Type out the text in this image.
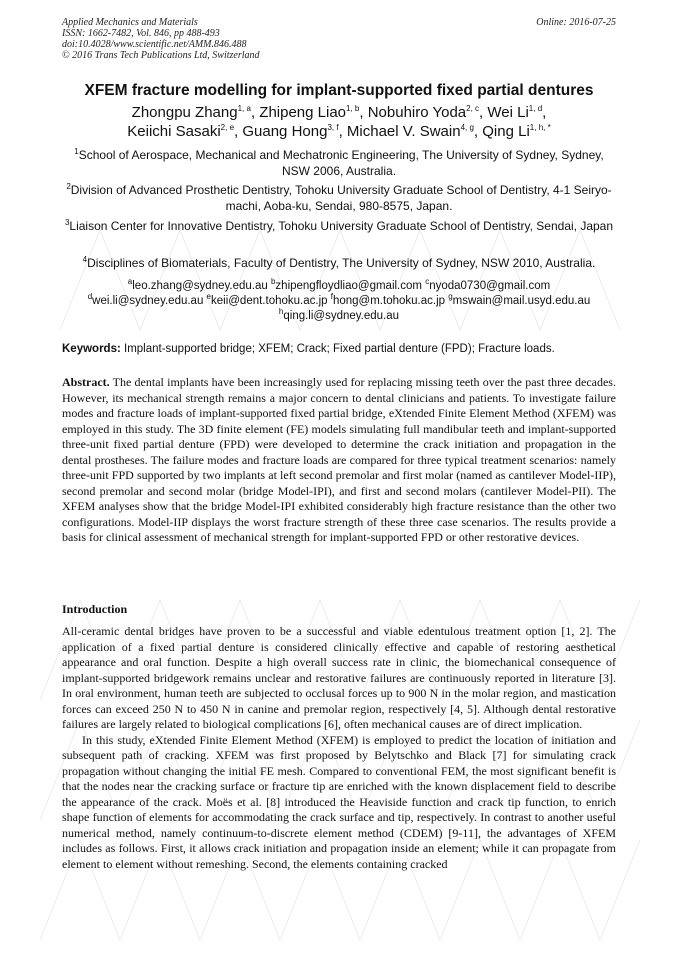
Applied Mechanics and Materials
ISSN: 1662-7482, Vol. 846, pp 488-493
doi:10.4028/www.scientific.net/AMM.846.488
© 2016 Trans Tech Publications Ltd, Switzerland
Online: 2016-07-25
XFEM fracture modelling for implant-supported fixed partial dentures
Zhongpu Zhang$^{1, a}$, Zhipeng Liao$^{1, b}$, Nobuhiro Yoda$^{2, c}$, Wei Li$^{1, d}$,
Keiichi Sasaki$^{2, e}$, Guang Hong$^{3, f}$, Michael V. Swain$^{4, g}$, Qing $Li^{1, h, *}$
$^1$School of Aerospace, Mechanical and Mechatronic Engineering, The University of Sydney, Sydney, NSW 2006, Australia.
$^2$Division of Advanced Prosthetic Dentistry, Tohoku University Graduate School of Dentistry, 4-1 Seiryo-machi, Aoba-ku, Sendai, 980-8575, Japan.
$^3$Liaison Center for Innovative Dentistry, Tohoku University Graduate School of Dentistry, Sendai, Japan
$^4$Disciplines of Biomaterials, Faculty of Dentistry, The University of Sydney, NSW 2010, Australia.
$^a$leo.zhang@sydney.edu.au $^b$zhipengfloydliao@gmail.com $^c$nyoda0730@gmail.com
$^d$wei.li@sydney.edu.au $^e$keii@dent.tohoku.ac.jp $^f$hong@m.tohoku.ac.jp $^g$mswain@mail.usyd.edu.au
$^h$qing.li@sydney.edu.au
Keywords: Implant-supported bridge; XFEM; Crack; Fixed partial denture (FPD); Fracture loads.
Abstract. The dental implants have been increasingly used for replacing missing teeth over the past three decades. However, its mechanical strength remains a major concern to dental clinicians and patients. To investigate failure modes and fracture loads of implant-supported fixed partial bridge, eXtended Finite Element Method (XFEM) was employed in this study. The 3D finite element (FE) models simulating full mandibular teeth and implant-supported three-unit fixed partial denture (FPD) were developed to determine the crack initiation and propagation in the dental prostheses. The failure modes and fracture loads are compared for three typical treatment scenarios: namely three-unit FPD supported by two implants at left second premolar and first molar (named as cantilever Model-IIP), second premolar and second molar (bridge Model-IPI), and first and second molars (cantilever Model-PII). The XFEM analyses show that the bridge Model-IPI exhibited considerably high fracture resistance than the other two configurations. Model-IIP displays the worst fracture strength of these three case scenarios. The results provide a basis for clinical assessment of mechanical strength for implant-supported FPD or other restorative devices.
Introduction

All-ceramic dental bridges have proven to be a successful and viable edentulous treatment option [1, 2]. The application of a fixed partial denture is considered clinically effective and capable of restoring aesthetical appearance and oral function. Despite a high overall success rate in clinic, the biomechanical consequence of implant-supported bridgework remains unclear and restorative failures are continuously reported in literature [3]. In oral environment, human teeth are subjected to occlusal forces up to 900 N in the molar region, and mastication forces can exceed 250 N to 450 N in canine and premolar region, respectively [4, 5]. Although dental restorative failures are largely related to biological complications [6], often mechanical causes are of direct implication.

In this study, eXtended Finite Element Method (XFEM) is employed to predict the location of initiation and subsequent path of cracking. XFEM was first proposed by Belytschko and Black [7] for simulating crack propagation without changing the initial FE mesh. Compared to conventional FEM, the most significant benefit is that the nodes near the cracking surface or fracture tip are enriched with the known displacement field to describe the appearance of the crack. Moës et al. [8] introduced the Heaviside function and crack tip function, to enrich shape function of elements for accommodating the crack surface and tip, respectively. In contrast to another useful numerical method, namely continuum-to-discrete element method (CDEM) [9-11], the advantages of XFEM includes as follows. First, it allows crack initiation and propagation inside an element; while it can propagate from element to element without remeshing. Second, the elements containing cracked
